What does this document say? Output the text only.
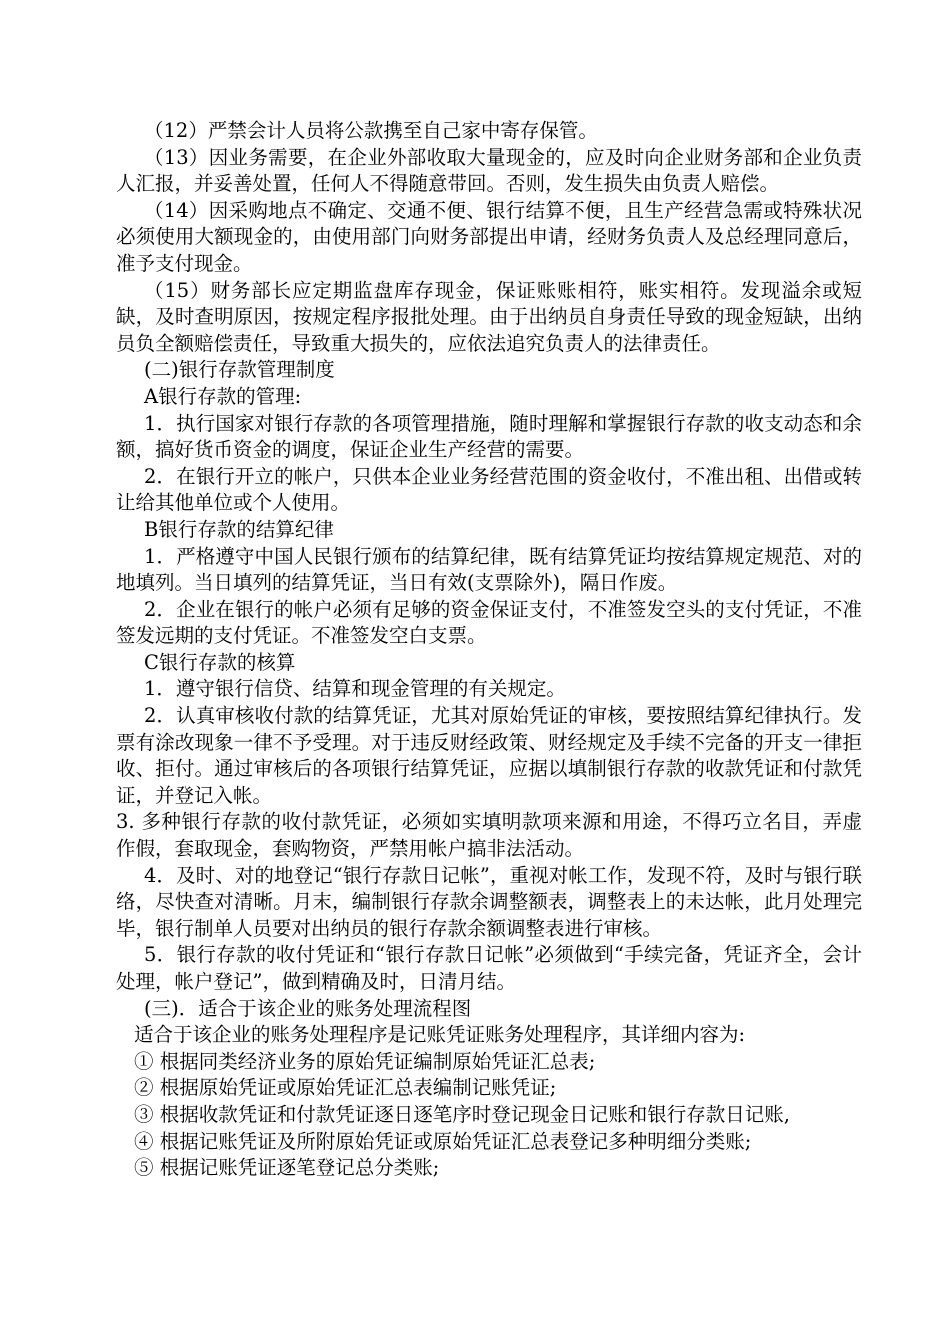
（12）严禁会计人员将公款携至自己家中寄存保管。

（13）因业务需要，在企业外部收取大量现金的，应及时向企业财务部和企业负责人汇报，并妥善处置，任何人不得随意带回。否则，发生损失由负责人赔偿。

（14）因采购地点不确定、交通不便、银行结算不便，且生产经营急需或特殊状况必须使用大额现金的，由使用部门向财务部提出申请，经财务负责人及总经理同意后，准予支付现金。

（15）财务部长应定期监盘库存现金，保证账账相符，账实相符。发现溢余或短缺，及时查明原因，按规定程序报批处理。由于出纳员自身责任导致的现金短缺，出纳员负全额赔偿责任，导致重大损失的，应依法追究负责人的法律责任。

(二)银行存款管理制度

A银行存款的管理:

1．执行国家对银行存款的各项管理措施，随时理解和掌握银行存款的收支动态和余额，搞好货币资金的调度，保证企业生产经营的需要。

2．在银行开立的帐户，只供本企业业务经营范围的资金收付，不准出租、出借或转让给其他单位或个人使用。

B银行存款的结算纪律

1．严格遵守中国人民银行颁布的结算纪律，既有结算凭证均按结算规定规范、对的地填列。当日填列的结算凭证，当日有效(支票除外)，隔日作废。

2．企业在银行的帐户必须有足够的资金保证支付，不准签发空头的支付凭证，不准签发远期的支付凭证。不准签发空白支票。

C银行存款的核算

1．遵守银行信贷、结算和现金管理的有关规定。

2．认真审核收付款的结算凭证，尤其对原始凭证的审核，要按照结算纪律执行。发票有涂改现象一律不予受理。对于违反财经政策、财经规定及手续不完备的开支一律拒收、拒付。通过审核后的各项银行结算凭证，应据以填制银行存款的收款凭证和付款凭证，并登记入帐。

3. 多种银行存款的收付款凭证，必须如实填明款项来源和用途，不得巧立名目，弄虚作假，套取现金，套购物资，严禁用帐户搞非法活动。

4．及时、对的地登记“银行存款日记帐”，重视对帐工作，发现不符，及时与银行联络，尽快查对清晰。月末，编制银行存款余调整额表，调整表上的未达帐，此月处理完毕，银行制单人员要对出纳员的银行存款余额调整表进行审核。

5．银行存款的收付凭证和“银行存款日记帐”必须做到“手续完备，凭证齐全，会计处理，帐户登记”，做到精确及时，日清月结。

(三)．适合于该企业的账务处理流程图

适合于该企业的账务处理程序是记账凭证账务处理程序，其详细内容为:

① 根据同类经济业务的原始凭证编制原始凭证汇总表;

② 根据原始凭证或原始凭证汇总表编制记账凭证;

③ 根据收款凭证和付款凭证逐日逐笔序时登记现金日记账和银行存款日记账,

④ 根据记账凭证及所附原始凭证或原始凭证汇总表登记多种明细分类账;

⑤ 根据记账凭证逐笔登记总分类账;
